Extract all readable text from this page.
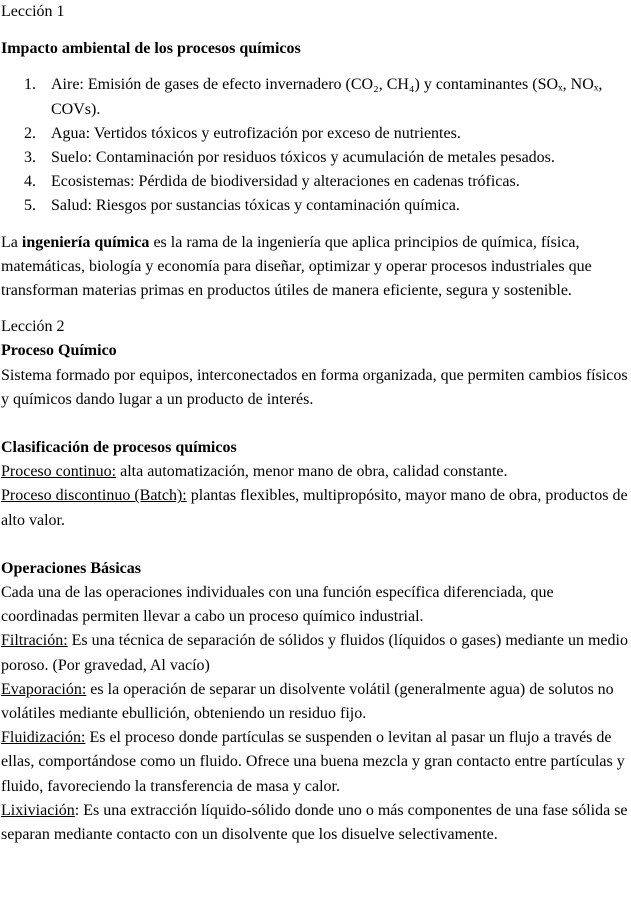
Lección 1

Impacto ambiental de los procesos químicos

1. Aire: Emisión de gases de efecto invernadero (CO₂, CH₄) y contaminantes (SOₓ, NOₓ, COVs).
2. Agua: Vertidos tóxicos y eutrofización por exceso de nutrientes.
3. Suelo: Contaminación por residuos tóxicos y acumulación de metales pesados.
4. Ecosistemas: Pérdida de biodiversidad y alteraciones en cadenas tróficas.
5. Salud: Riesgos por sustancias tóxicas y contaminación química.

La ingeniería química es la rama de la ingeniería que aplica principios de química, física, matemáticas, biología y economía para diseñar, optimizar y operar procesos industriales que transforman materias primas en productos útiles de manera eficiente, segura y sostenible.

Lección 2

Proceso Químico

Sistema formado por equipos, interconectados en forma organizada, que permiten cambios físicos y químicos dando lugar a un producto de interés.

Clasificación de procesos químicos

Proceso continuo: alta automatización, menor mano de obra, calidad constante.

Proceso discontinuo (Batch): plantas flexibles, multipropósito, mayor mano de obra, productos de alto valor.

Operaciones Básicas

Cada una de las operaciones individuales con una función específica diferenciada, que coordinadas permiten llevar a cabo un proceso químico industrial.

Filtración: Es una técnica de separación de sólidos y fluidos (líquidos o gases) mediante un medio poroso. (Por gravedad, Al vacío)

Evaporación: es la operación de separar un disolvente volátil (generalmente agua) de solutos no volátiles mediante ebullición, obteniendo un residuo fijo.

Fluidización: Es el proceso donde partículas se suspenden o levitan al pasar un flujo a través de ellas, comportándose como un fluido. Ofrece una buena mezcla y gran contacto entre partículas y fluido, favoreciendo la transferencia de masa y calor.

Lixiviación: Es una extracción líquido-sólido donde uno o más componentes de una fase sólida se separan mediante contacto con un disolvente que los disuelve selectivamente.
